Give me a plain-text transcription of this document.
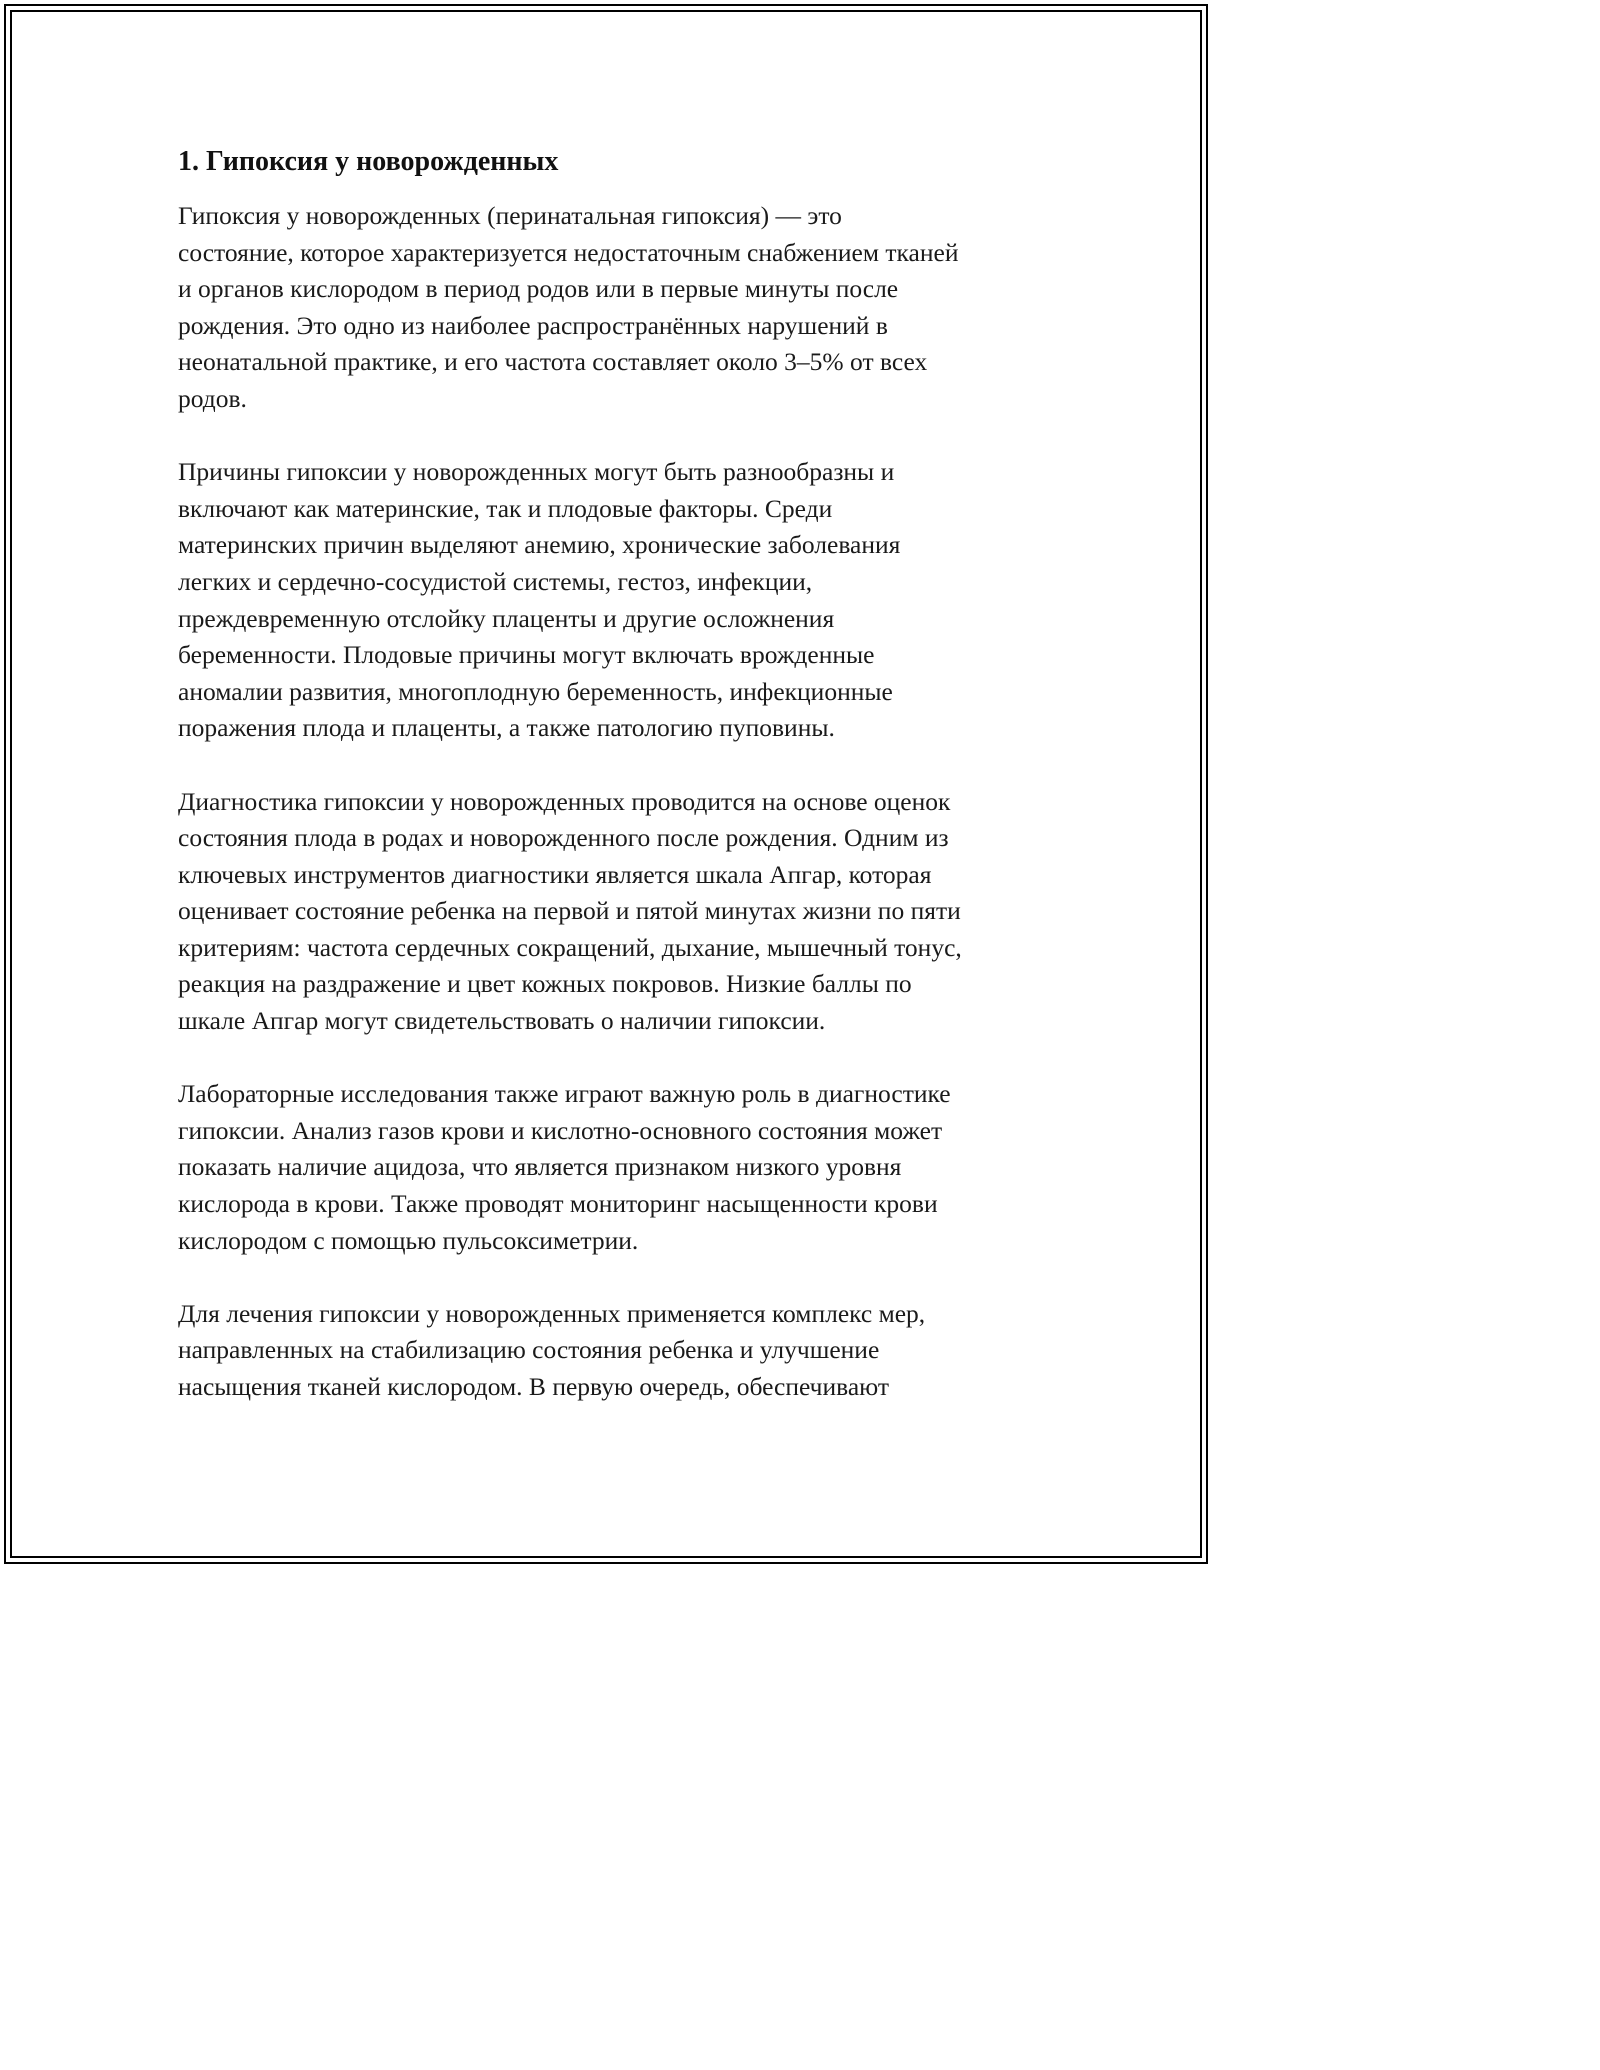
1. Гипоксия у новорожденных

Гипоксия у новорожденных (перинатальная гипоксия) — это
состояние, которое характеризуется недостаточным снабжением тканей
и органов кислородом в период родов или в первые минуты после
рождения. Это одно из наиболее распространённых нарушений в
неонатальной практике, и его частота составляет около 3–5% от всех
родов.

Причины гипоксии у новорожденных могут быть разнообразны и
включают как материнские, так и плодовые факторы. Среди
материнских причин выделяют анемию, хронические заболевания
легких и сердечно-сосудистой системы, гестоз, инфекции,
преждевременную отслойку плаценты и другие осложнения
беременности. Плодовые причины могут включать врожденные
аномалии развития, многоплодную беременность, инфекционные
поражения плода и плаценты, а также патологию пуповины.

Диагностика гипоксии у новорожденных проводится на основе оценок
состояния плода в родах и новорожденного после рождения. Одним из
ключевых инструментов диагностики является шкала Апгар, которая
оценивает состояние ребенка на первой и пятой минутах жизни по пяти
критериям: частота сердечных сокращений, дыхание, мышечный тонус,
реакция на раздражение и цвет кожных покровов. Низкие баллы по
шкале Апгар могут свидетельствовать о наличии гипоксии.

Лабораторные исследования также играют важную роль в диагностике
гипоксии. Анализ газов крови и кислотно-основного состояния может
показать наличие ацидоза, что является признаком низкого уровня
кислорода в крови. Также проводят мониторинг насыщенности крови
кислородом с помощью пульсоксиметрии.

Для лечения гипоксии у новорожденных применяется комплекс мер,
направленных на стабилизацию состояния ребенка и улучшение
насыщения тканей кислородом. В первую очередь, обеспечивают
